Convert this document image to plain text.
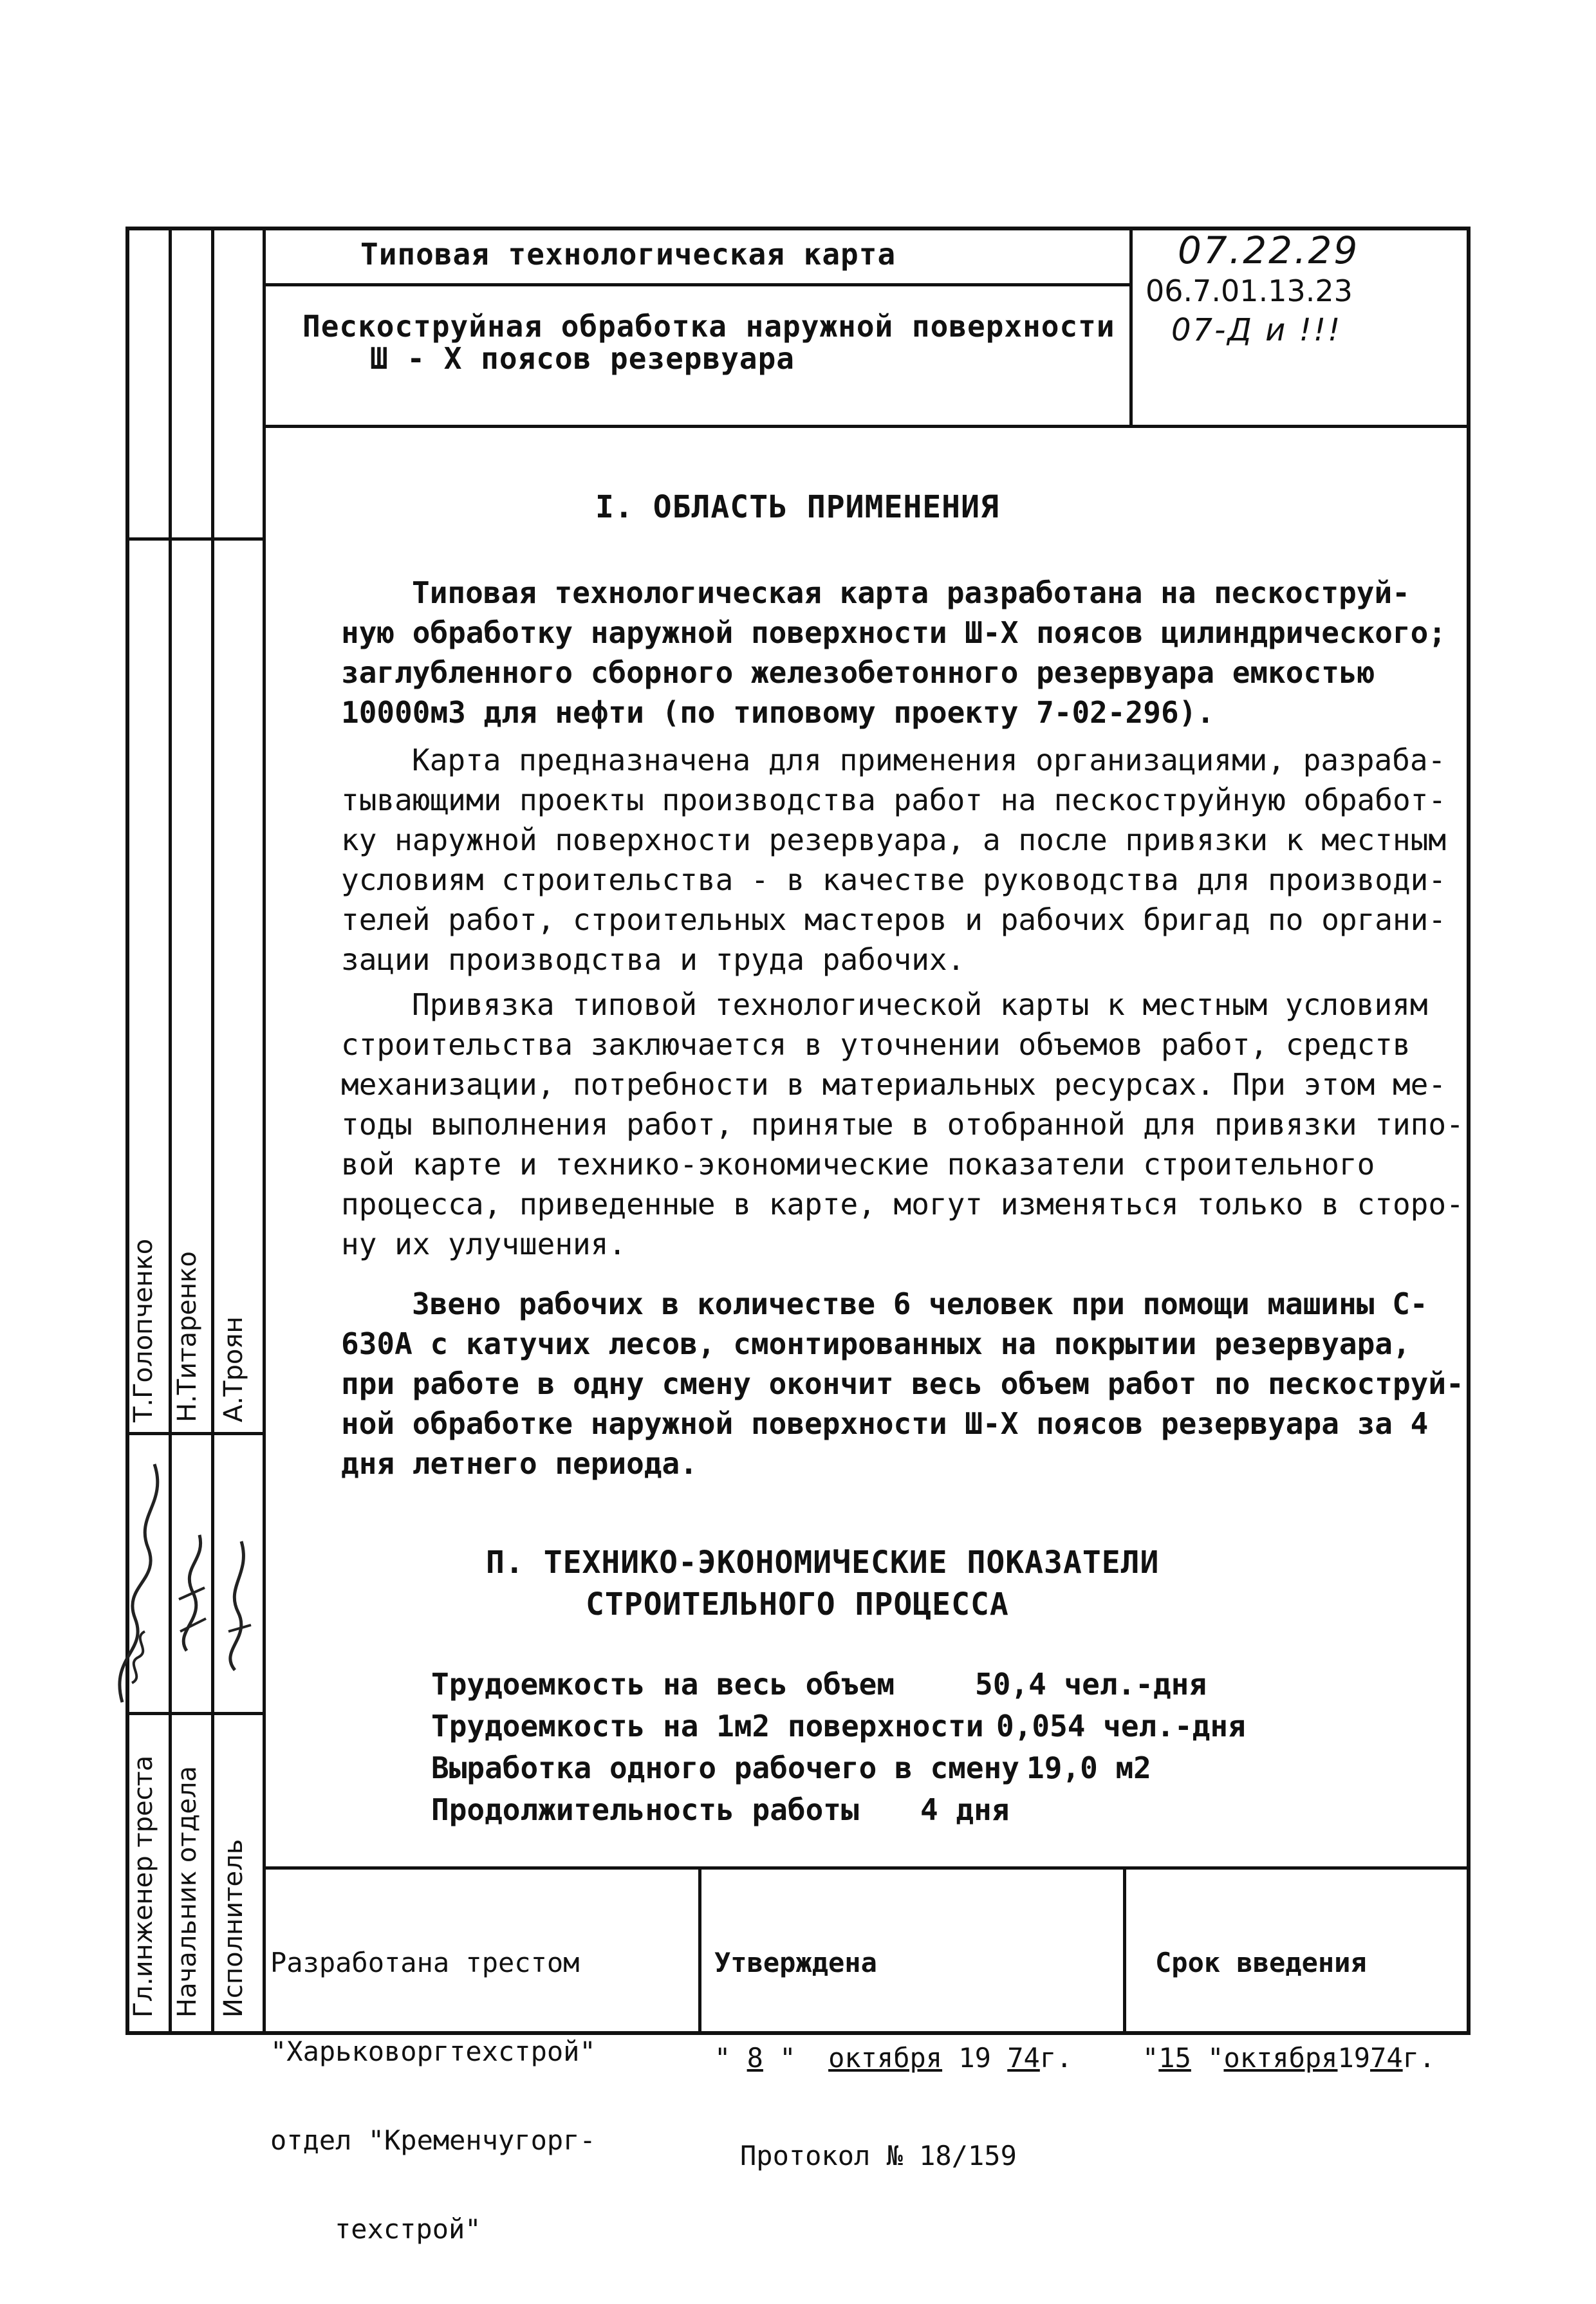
Типовая технологическая карта
Пескоструйная обработка наружной поверхности
Ш - Х поясов резервуара
07.22.29
06.7.01.13.23
07-Д и !!!
I. ОБЛАСТЬ ПРИМЕНЕНИЯ
Типовая технологическая карта разработана на пескоструй-
ную обработку наружной поверхности Ш-Х поясов цилиндрического;
заглубленного сборного железобетонного резервуара емкостью
10000м3 для нефти (по типовому проекту 7-02-296).
Карта предназначена для применения организациями, разраба-
тывающими проекты производства работ на пескоструйную обработ-
ку наружной поверхности резервуара, а после привязки к местным
условиям строительства - в качестве руководства для производи-
телей работ, строительных мастеров и рабочих бригад по органи-
зации производства и труда рабочих.
Привязка типовой технологической карты к местным условиям
строительства заключается в уточнении объемов работ, средств
механизации, потребности в материальных ресурсах. При этом ме-
тоды выполнения работ, принятые в отобранной для привязки типо-
вой карте и технико-экономические показатели строительного
процесса, приведенные в карте, могут изменяться только в сторо-
ну их улучшения.
Звено рабочих в количестве 6 человек при помощи машины С-
630А с катучих лесов, смонтированных на покрытии резервуара,
при работе в одну смену окончит весь объем работ по пескоструй-
ной обработке наружной поверхности Ш-Х поясов резервуара за 4
дня летнего периода.
П. ТЕХНИКО-ЭКОНОМИЧЕСКИЕ ПОКАЗАТЕЛИ
СТРОИТЕЛЬНОГО ПРОЦЕССА
Трудоемкость на весь объем	50,4 чел.-дня
Трудоемкость на 1м2 поверхности 0,054 чел.-дня
Выработка одного рабочего в смену 19,0 м2
Продолжительность работы 4 дня
Гл.инженер треста Начальник отдела Исполнитель
Т.Голопченко Н.Титаренко А.Троян

Разработана трестом

"Харьковоргтехстрой"

отдел "Кременчугорг-

техстрой"

Утверждена

" 8 " октября 19 74г.

Протокол № 18/159

Срок введения

"15 "октября1974г.
